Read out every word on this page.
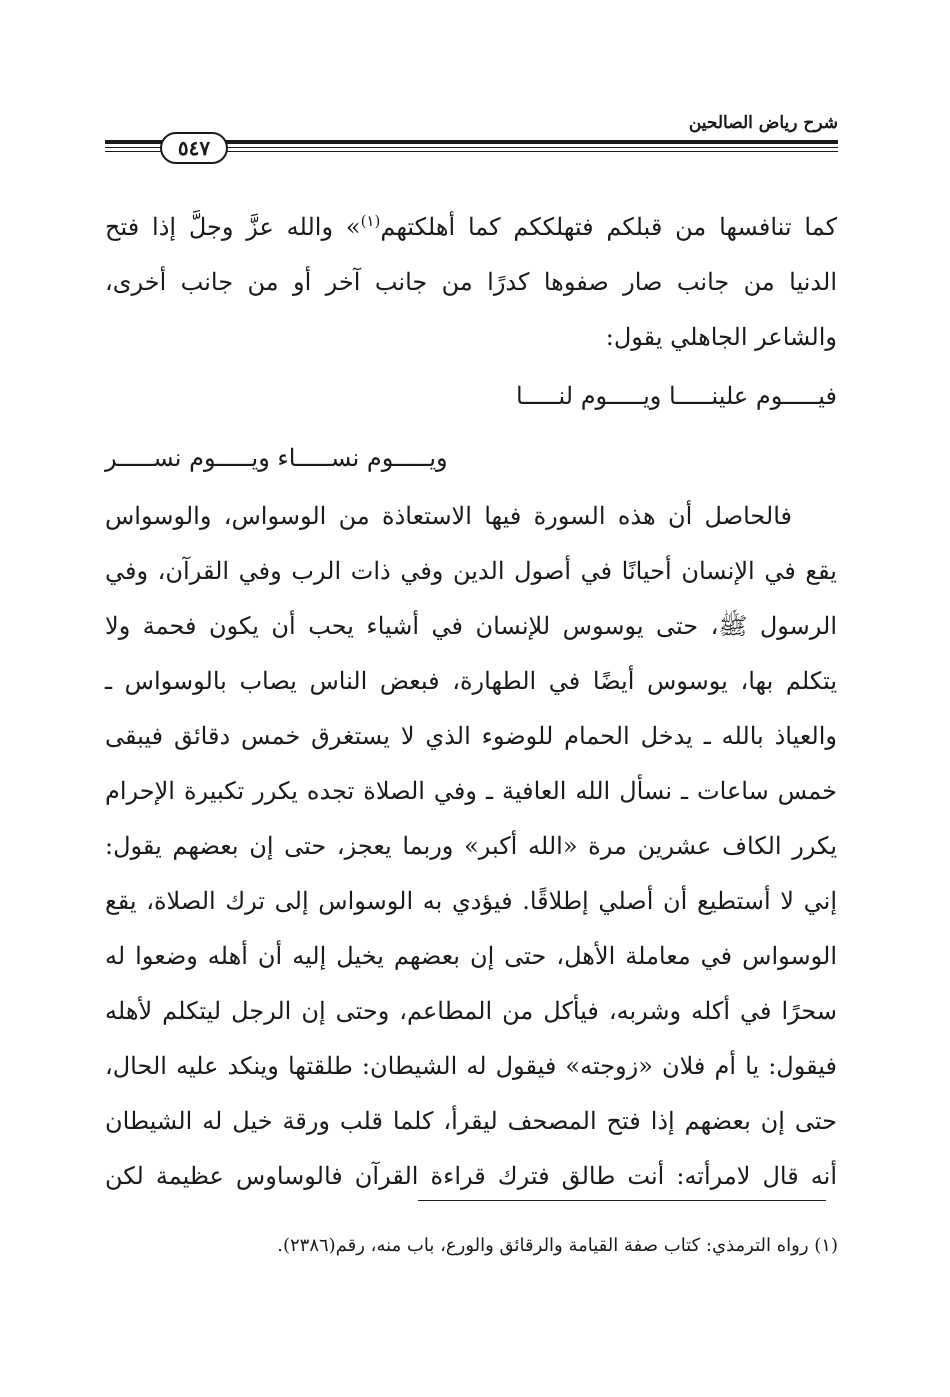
شرح رياض الصالحين
٥٤٧
كما تنافسها من قبلكم فتهلككم كما أهلكتهم$^{(١)}$» والله عزَّ وجلَّ إذا فتح
الدنيا من جانب صار صفوها كدرًا من جانب آخر أو من جانب أخرى،
والشاعر الجاهلي يقول:
فيـــــوم علينـــــا ويـــــوم لنـــــا
ويـــــوم نســـــاء ويـــــوم نســـــر
فالحاصل أن هذه السورة فيها الاستعاذة من الوسواس، والوسواس
يقع في الإنسان أحيانًا في أصول الدين وفي ذات الرب وفي القرآن، وفي
الرسول ﷺ، حتى يوسوس للإنسان في أشياء يحب أن يكون فحمة ولا
يتكلم بها، يوسوس أيضًا في الطهارة، فبعض الناس يصاب بالوسواس ـ
والعياذ بالله ـ يدخل الحمام للوضوء الذي لا يستغرق خمس دقائق فيبقى
خمس ساعات ـ نسأل الله العافية ـ وفي الصلاة تجده يكرر تكبيرة الإحرام
يكرر الكاف عشرين مرة «الله أكبر» وربما يعجز، حتى إن بعضهم يقول:
إني لا أستطيع أن أصلي إطلاقًا. فيؤدي به الوسواس إلى ترك الصلاة، يقع
الوسواس في معاملة الأهل، حتى إن بعضهم يخيل إليه أن أهله وضعوا له
سحرًا في أكله وشربه، فيأكل من المطاعم، وحتى إن الرجل ليتكلم لأهله
فيقول: يا أم فلان «زوجته» فيقول له الشيطان: طلقتها وينكد عليه الحال،
حتى إن بعضهم إذا فتح المصحف ليقرأ، كلما قلب ورقة خيل له الشيطان
أنه قال لامرأته: أنت طالق فترك قراءة القرآن فالوساوس عظيمة لكن
(١) رواه الترمذي: كتاب صفة القيامة والرقائق والورع، باب منه، رقم(٢٣٨٦).
